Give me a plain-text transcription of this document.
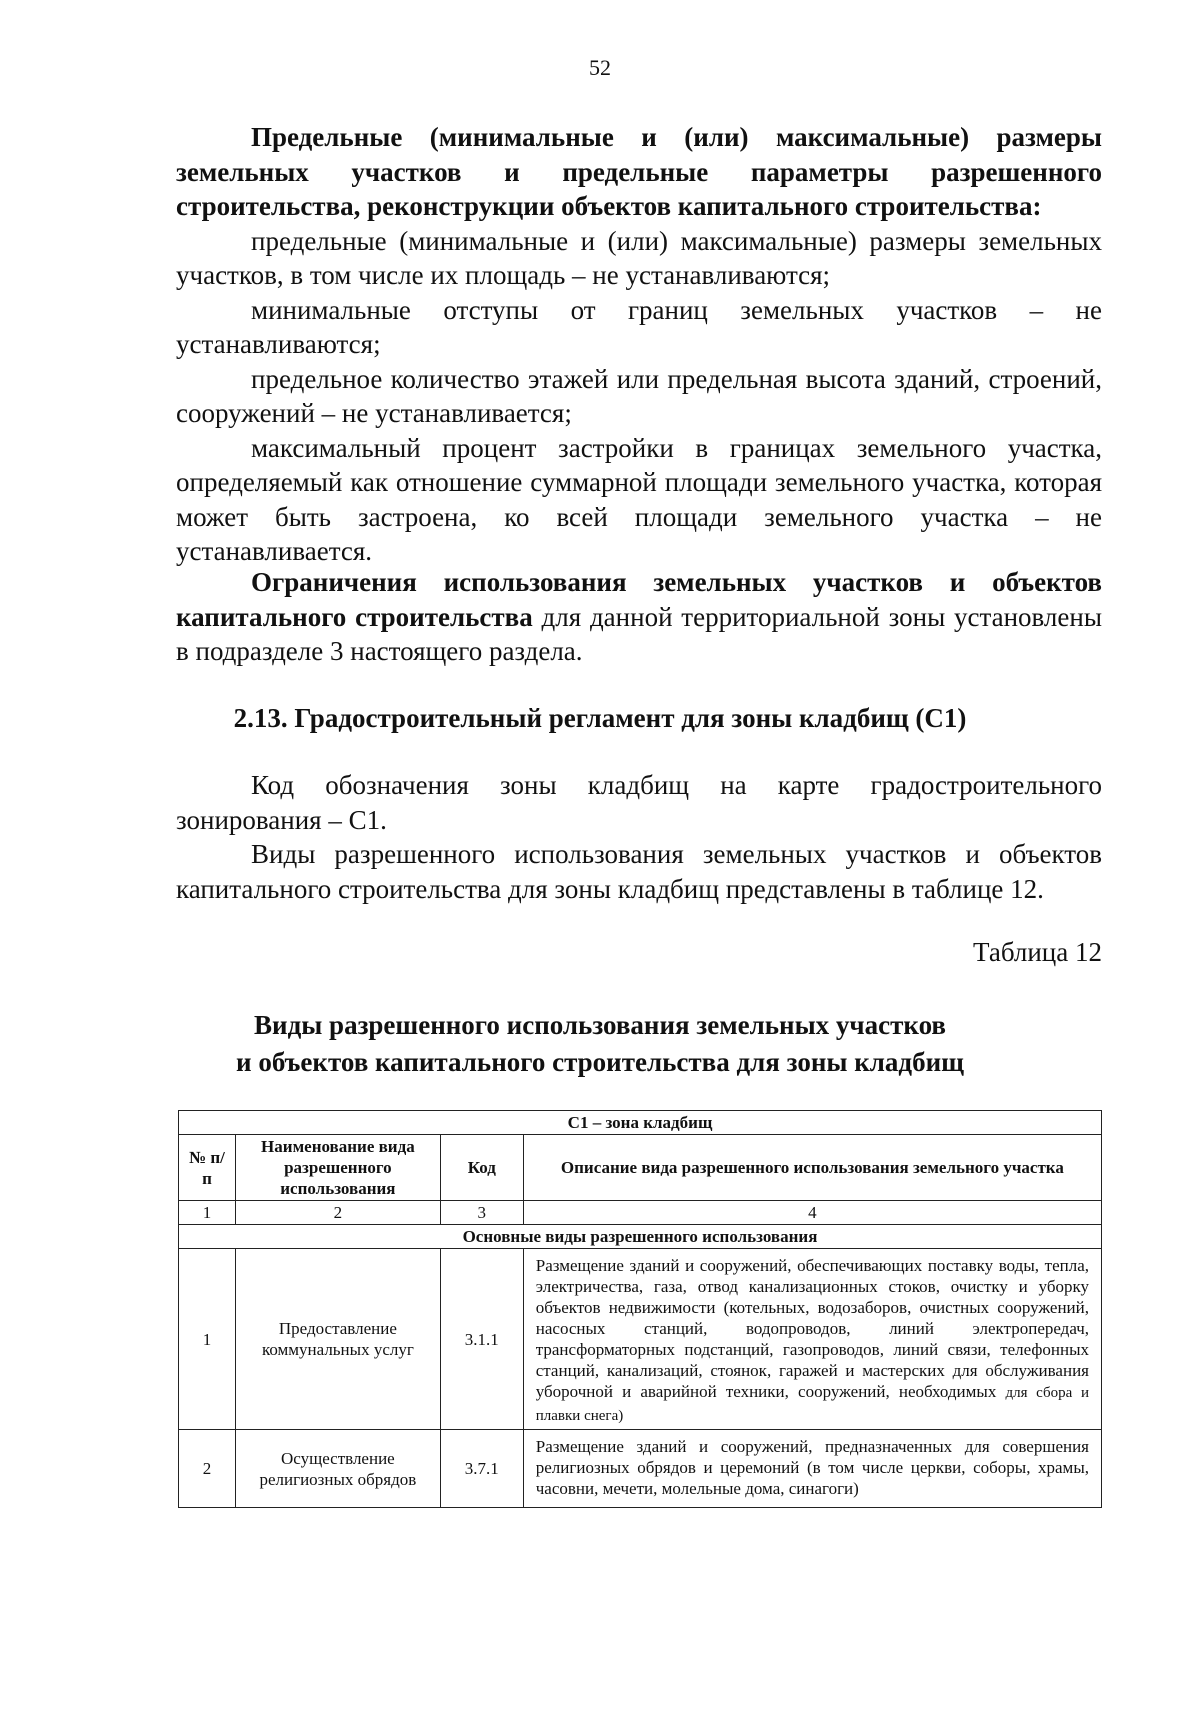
52

Предельные (минимальные и (или) максимальные) размеры земельных участков и предельные параметры разрешенного строительства, реконструкции объектов капитального строительства:

предельные (минимальные и (или) максимальные) размеры земельных участков, в том числе их площадь – не устанавливаются;

минимальные отступы от границ земельных участков – не устанавливаются;

предельное количество этажей или предельная высота зданий, строений, сооружений – не устанавливается;

максимальный процент застройки в границах земельного участка, определяемый как отношение суммарной площади земельного участка, которая может быть застроена, ко всей площади земельного участка – не устанавливается.

Ограничения использования земельных участков и объектов капитального строительства для данной территориальной зоны установлены в подразделе 3 настоящего раздела.

2.13. Градостроительный регламент для зоны кладбищ (С1)

Код обозначения зоны кладбищ на карте градостроительного зонирования – С1.

Виды разрешенного использования земельных участков и объектов капитального строительства для зоны кладбищ представлены в таблице 12.

Таблица 12
Виды разрешенного использования земельных участков
и объектов капитального строительства для зоны кладбищ
С1 – зона кладбищ			
№ п/п	Наименование вида разрешенного использования	Код	Описание вида разрешенного использования земельного участка
1	2	3	4
Основные виды разрешенного использования			
1	Предоставление коммунальных услуг	3.1.1	Размещение зданий и сооружений, обеспечивающих поставку воды, тепла, электричества, газа, отвод канализационных стоков, очистку и уборку объектов недвижимости (котельных, водозаборов, очистных сооружений, насосных станций, водопроводов, линий электропередач, трансформаторных подстанций, газопроводов, линий связи, телефонных станций, канализаций, стоянок, гаражей и мастерских для обслуживания уборочной и аварийной техники, сооружений, необходимых для сбора и плавки снега)
2	Осуществление религиозных обрядов	3.7.1	Размещение зданий и сооружений, предназначенных для совершения религиозных обрядов и церемоний (в том числе церкви, соборы, храмы, часовни, мечети, молельные дома, синагоги)
